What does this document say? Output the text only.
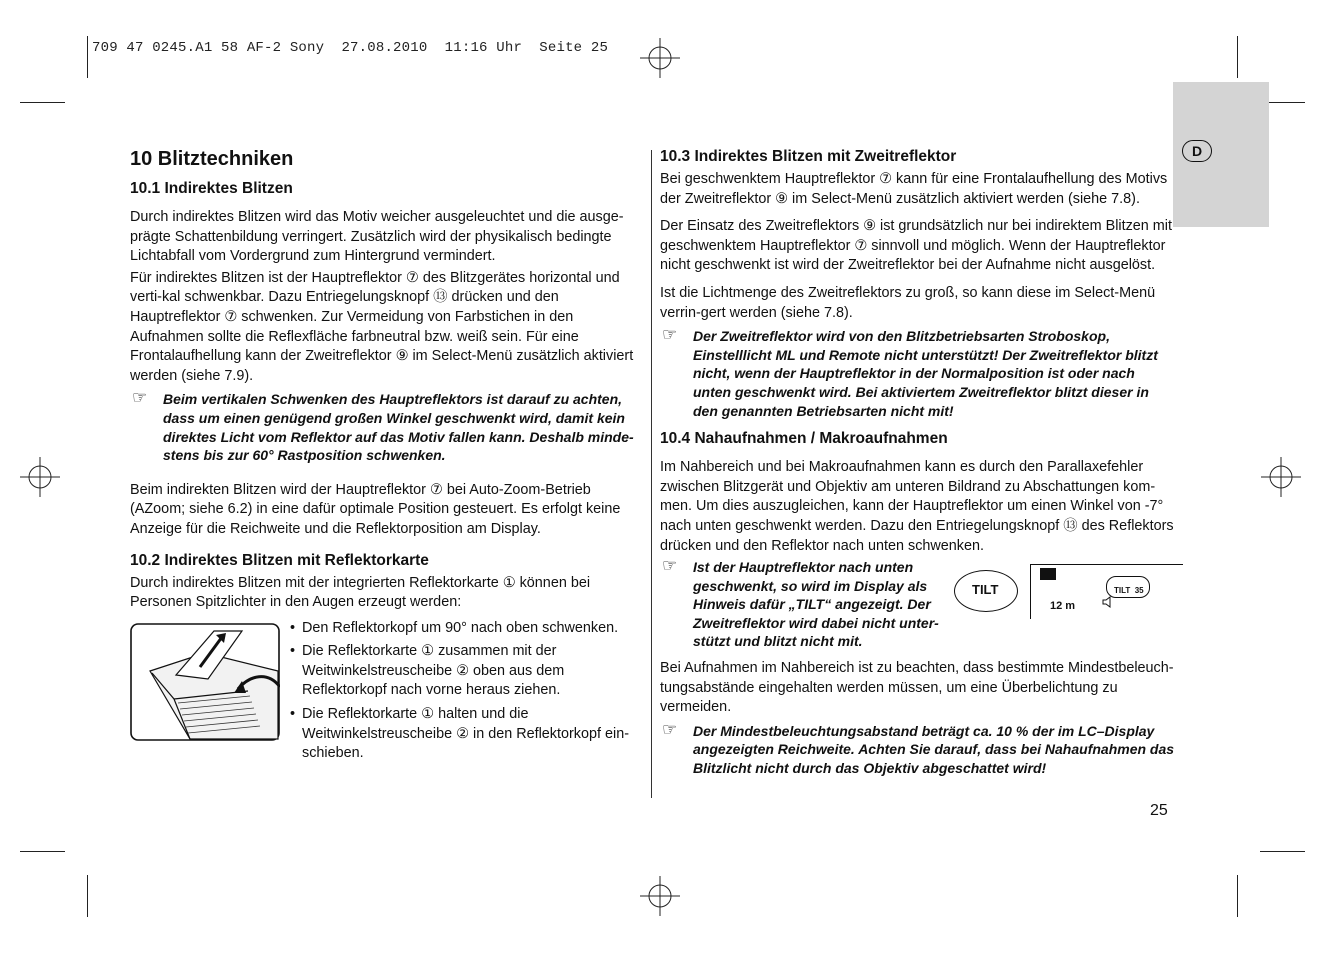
709 47 0245.A1 58 AF-2 Sony  27.08.2010  11:16 Uhr  Seite 25
D
10 Blitztechniken
10.1 Indirektes Blitzen

Durch indirektes Blitzen wird das Motiv weicher ausgeleuchtet und die ausge-prägte Schattenbildung verringert. Zusätzlich wird der physikalisch bedingte Lichtabfall vom Vordergrund zum Hintergrund vermindert.

Für indirektes Blitzen ist der Hauptreflektor ⑦ des Blitzgerätes horizontal und verti-kal schwenkbar. Dazu Entriegelungsknopf ⑬ drücken und den Hauptreflektor ⑦ schwenken. Zur Vermeidung von Farbstichen in den Aufnahmen sollte die Reflexfläche farbneutral bzw. weiß sein. Für eine Frontalaufhellung kann der Zweitreflektor ⑨ im Select-Menü zusätzlich aktiviert werden (siehe 7.9).

☞ Beim vertikalen Schwenken des Hauptreflektors ist darauf zu achten, dass um einen genügend großen Winkel geschwenkt wird, damit kein direktes Licht vom Reflektor auf das Motiv fallen kann. Deshalb minde-stens bis zur 60° Rastposition schwenken.

Beim indirekten Blitzen wird der Hauptreflektor ⑦ bei Auto-Zoom-Betrieb (AZoom; siehe 6.2) in eine dafür optimale Position gesteuert. Es erfolgt keine Anzeige für die Reichweite und die Reflektorposition am Display.

10.2 Indirektes Blitzen mit Reflektorkarte

Durch indirektes Blitzen mit der integrierten Reflektorkarte ① können bei Personen Spitzlichter in den Augen erzeugt werden:

• Den Reflektorkopf um 90° nach oben schwenken.
• Die Reflektorkarte ① zusammen mit der Weitwinkelstreuscheibe ② oben aus dem Reflektorkopf nach vorne heraus ziehen.
• Die Reflektorkarte ① halten und die Weitwinkelstreuscheibe ② in den Reflektorkopf ein-schieben.
10.3 Indirektes Blitzen mit Zweitreflektor

Bei geschwenktem Hauptreflektor ⑦ kann für eine Frontalaufhellung des Motivs der Zweitreflektor ⑨ im Select-Menü zusätzlich aktiviert werden (siehe 7.8).

Der Einsatz des Zweitreflektors ⑨ ist grundsätzlich nur bei indirektem Blitzen mit geschwenktem Hauptreflektor ⑦ sinnvoll und möglich. Wenn der Hauptreflektor nicht geschwenkt ist wird der Zweitreflektor bei der Aufnahme nicht ausgelöst.

Ist die Lichtmenge des Zweitreflektors zu groß, so kann diese im Select-Menü verrin-gert werden (siehe 7.8).

☞ Der Zweitreflektor wird von den Blitzbetriebsarten Stroboskop, Einstelllicht ML und Remote nicht unterstützt! Der Zweitreflektor blitzt nicht, wenn der Hauptreflektor in der Normalposition ist oder nach unten geschwenkt wird. Bei aktiviertem Zweitreflektor blitzt dieser in den genannten Betriebsarten nicht mit!
10.4 Nahaufnahmen / Makroaufnahmen

Im Nahbereich und bei Makroaufnahmen kann es durch den Parallaxefehler zwischen Blitzgerät und Objektiv am unteren Bildrand zu Abschattungen kom-men. Um dies auszugleichen, kann der Hauptreflektor um einen Winkel von -7° nach unten geschwenkt werden. Dazu den Entriegelungsknopf ⑬ des Reflektors drücken und den Reflektor nach unten schwenken.

☞ Ist der Hauptreflektor nach unten geschwenkt, so wird im Display als Hinweis dafür „TILT“ angezeigt. Der Zweitreflektor wird dabei nicht unter-stützt und blitzt nicht mit.
TILT	TILT  35
12 m

Bei Aufnahmen im Nahbereich ist zu beachten, dass bestimmte Mindestbeleuch-tungsabstände eingehalten werden müssen, um eine Überbelichtung zu vermeiden.

☞ Der Mindestbeleuchtungsabstand beträgt ca. 10 % der im LC–Display angezeigten Reichweite. Achten Sie darauf, dass bei Nahaufnahmen das Blitzlicht nicht durch das Objektiv abgeschattet wird!
25
